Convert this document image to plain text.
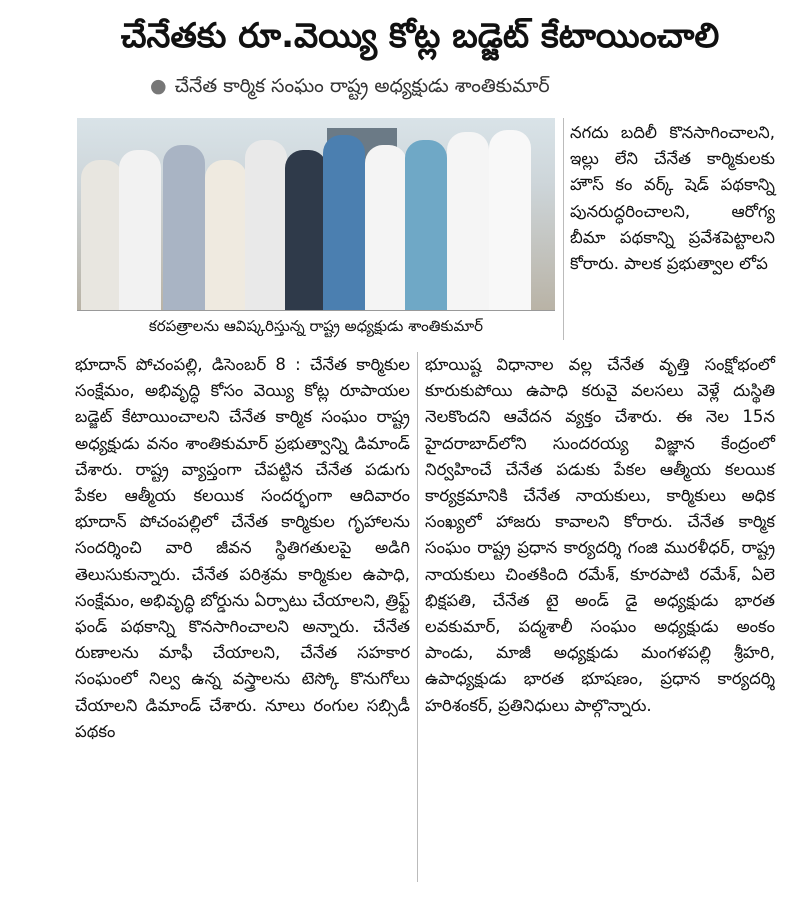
చేనేతకు రూ.వెయ్యి కోట్ల బడ్జెట్ కేటాయించాలి
● చేనేత కార్మిక సంఘం రాష్ట్ర అధ్యక్షుడు శాంతికుమార్
కరపత్రాలను ఆవిష్కరిస్తున్న రాష్ట్ర అధ్యక్షుడు శాంతికుమార్

నగదు బదిలీ కొనసాగించాలని, ఇల్లు లేని చేనేత కార్మికులకు హౌస్ కం వర్క్ షెడ్ పథకాన్ని పునరుద్ధరించాలని, ఆరోగ్య బీమా పథకాన్ని ప్రవేశపెట్టాలని కోరారు. పాలక ప్రభుత్వాల లోప

భూదాన్ పోచంపల్లి, డిసెంబర్ 8 : చేనేత కార్మికుల సంక్షేమం, అభివృద్ధి కోసం వెయ్యి కోట్ల రూపాయల బడ్జెట్ కేటాయించాలని చేనేత కార్మిక సంఘం రాష్ట్ర అధ్యక్షుడు వనం శాంతికుమార్ ప్రభుత్వాన్ని డిమాండ్ చేశారు. రాష్ట్ర వ్యాప్తంగా చేపట్టిన చేనేత పడుగు పేకల ఆత్మీయ కలయిక సందర్భంగా ఆదివారం భూదాన్ పోచంపల్లిలో చేనేత కార్మికుల గృహాలను సందర్శించి వారి జీవన స్థితిగతులపై అడిగి తెలుసుకున్నారు. చేనేత పరిశ్రమ కార్మికుల ఉపాధి, సంక్షేమం, అభివృద్ధి బోర్డును ఏర్పాటు చేయాలని, త్రిఫ్ట్ ఫండ్ పథకాన్ని కొనసాగించాలని అన్నారు. చేనేత రుణాలను మాఫీ చేయాలని, చేనేత సహకార సంఘంలో నిల్వ ఉన్న వస్త్రాలను టెస్కో కొనుగోలు చేయాలని డిమాండ్ చేశారు. నూలు రంగుల సబ్సిడీ పథకం

భూయిష్ట విధానాల వల్ల చేనేత వృత్తి సంక్షోభంలో కూరుకుపోయి ఉపాధి కరువై వలసలు వెళ్లే దుస్థితి నెలకొందని ఆవేదన వ్యక్తం చేశారు. ఈ నెల 15న హైదరాబాద్‌లోని సుందరయ్య విజ్ఞాన కేంద్రంలో నిర్వహించే చేనేత పడుకు పేకల ఆత్మీయ కలయిక కార్యక్రమానికి చేనేత నాయకులు, కార్మికులు అధిక సంఖ్యలో హాజరు కావాలని కోరారు. చేనేత కార్మిక సంఘం రాష్ట్ర ప్రధాన కార్యదర్శి గంజి మురళీధర్, రాష్ట్ర నాయకులు చింతకింది రమేశ్, కూరపాటి రమేశ్, ఏలె భిక్షపతి, చేనేత టై అండ్ డై అధ్యక్షుడు భారత లవకుమార్, పద్మశాలీ సంఘం అధ్యక్షుడు అంకం పాండు, మాజీ అధ్యక్షుడు మంగళపల్లి శ్రీహరి, ఉపాధ్యక్షుడు భారత భూషణం, ప్రధాన కార్యదర్శి హరిశంకర్, ప్రతినిధులు పాల్గొన్నారు.
